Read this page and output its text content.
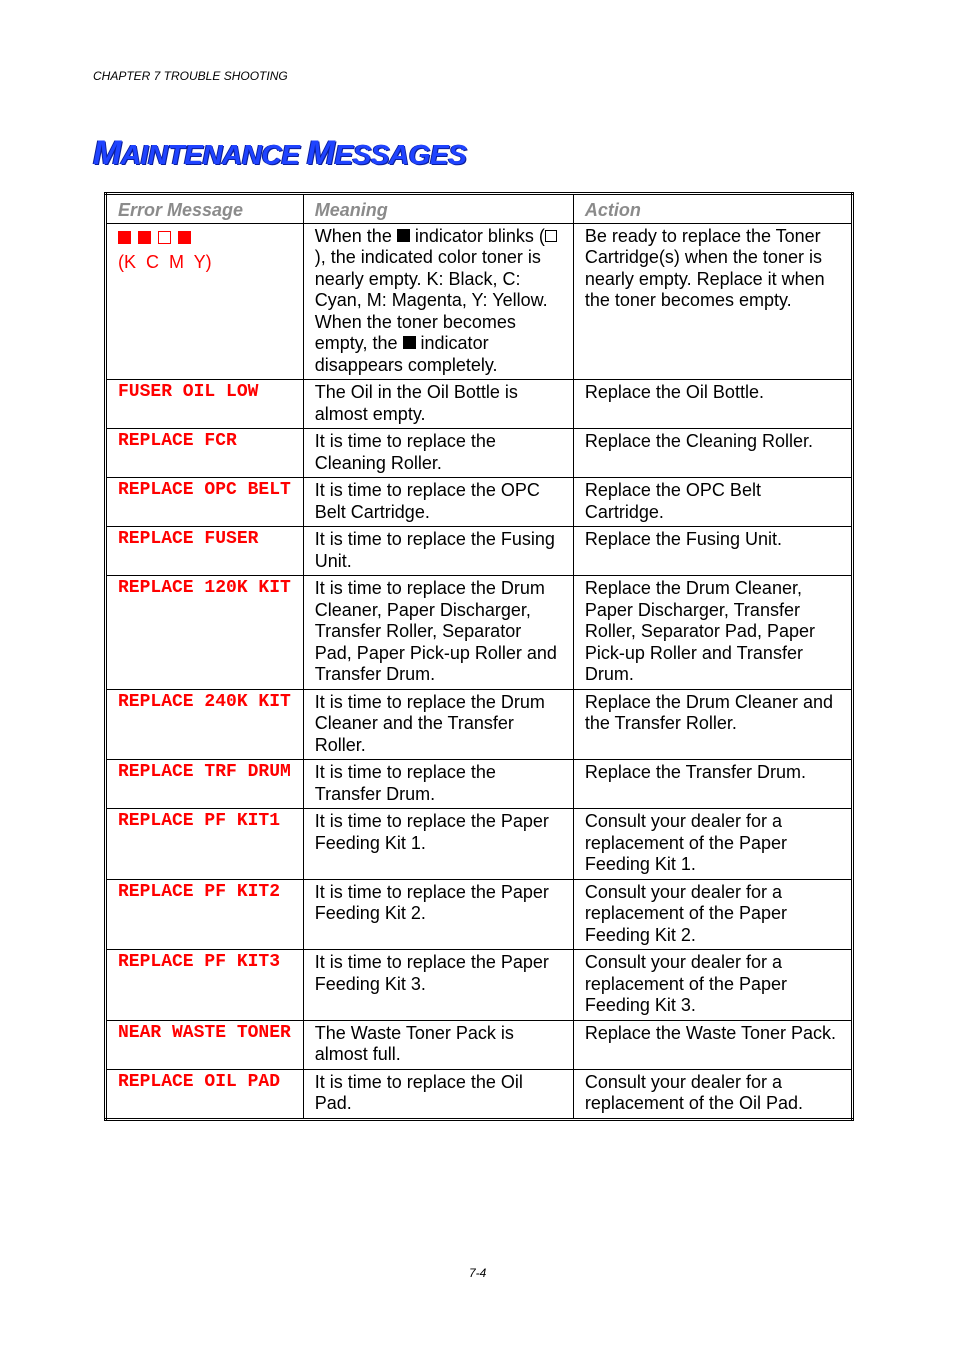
CHAPTER 7 TROUBLE SHOOTING
MAINTENANCE MESSAGES
Error Message	Meaning	Action

(K  C  M  Y)	When the indicator blinks (), the indicated color toner is nearly empty. K: Black, C: Cyan, M: Magenta, Y: Yellow. When the toner becomes empty, the indicator disappears completely.	Be ready to replace the Toner Cartridge(s) when the toner is nearly empty. Replace it when the toner becomes empty.
FUSER OIL LOW	The Oil in the Oil Bottle is almost empty.	Replace the Oil Bottle.
REPLACE FCR	It is time to replace the Cleaning Roller.	Replace the Cleaning Roller.
REPLACE OPC BELT	It is time to replace the OPC Belt Cartridge.	Replace the OPC Belt Cartridge.
REPLACE FUSER	It is time to replace the Fusing Unit.	Replace the Fusing Unit.
REPLACE 120K KIT	It is time to replace the Drum Cleaner, Paper Discharger, Transfer Roller, Separator Pad, Paper Pick-up Roller and Transfer Drum.	Replace the Drum Cleaner, Paper Discharger, Transfer Roller, Separator Pad, Paper Pick-up Roller and Transfer Drum.
REPLACE 240K KIT	It is time to replace the Drum Cleaner and the Transfer Roller.	Replace the Drum Cleaner and the Transfer Roller.
REPLACE TRF DRUM	It is time to replace the Transfer Drum.	Replace the Transfer Drum.
REPLACE PF KIT1	It is time to replace the Paper Feeding Kit 1.	Consult your dealer for a replacement of the Paper Feeding Kit 1.
REPLACE PF KIT2	It is time to replace the Paper Feeding Kit 2.	Consult your dealer for a replacement of the Paper Feeding Kit 2.
REPLACE PF KIT3	It is time to replace the Paper Feeding Kit 3.	Consult your dealer for a replacement of the Paper Feeding Kit 3.
NEAR WASTE TONER	The Waste Toner Pack is almost full.	Replace the Waste Toner Pack.
REPLACE OIL PAD	It is time to replace the Oil Pad.	Consult your dealer for a replacement of the Oil Pad.
7-4
